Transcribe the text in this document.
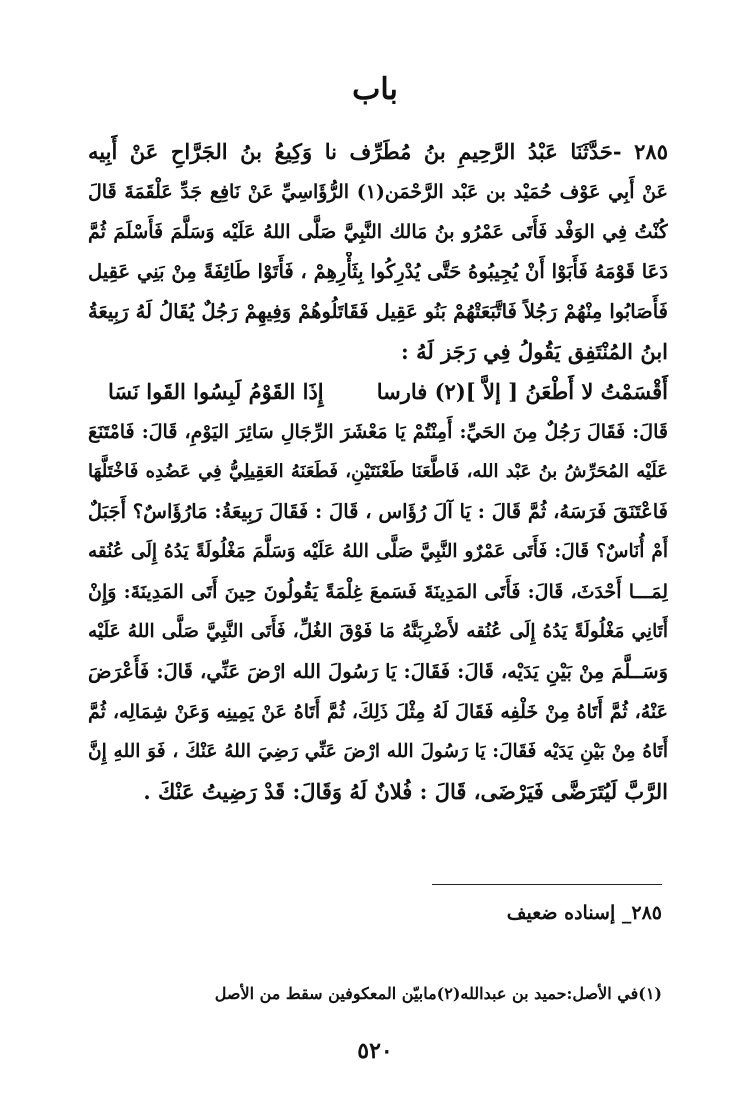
باب
٢٨٥ -حَدَّثَنَا عَبْدُ الرَّحِيمِ بنُ مُطَرِّف نا وَكِيعُ بنُ الجَرَّاحِ عَنْ أَبِيه
عَنْ أَبِي عَوْف حُمَيْد بن عَبْد الرَّحْمَن(١) الرُّؤَاسِيِّ عَنْ نَافِع جَدِّ عَلْقَمَةَ قَالَ
كُنْتُ فِي الوَفْد فَأَتَى عَمْرُو بنُ مَالك النَّبِيَّ صَلَّى اللهُ عَلَيْه وَسَلَّمَ فَأَسْلَمَ ثُمَّ
دَعَا قَوْمَهُ فَأَبَوْا أَنْ يُجِيبُوهُ حَتَّى يُدْرِكُوا بِثَأْرِهِمْ ، فَأَتَوْا طَائِفَةً مِنْ بَنِي عَقِيل
فَأَصَابُوا مِنْهُمْ رَجُلاً فَاتَّبَعَتْهُمْ بَنُو عَقِيل فَقَاتَلُوهُمْ وَفِيهِمْ رَجُلٌ يُقَالُ لَهُ رَبِيعَةُ
ابنُ المُنْتَفِق يَقُولُ فِي رَجَز لَهُ :
أَقْسَمْتُ لا أَطْعَنُ [ إلاَّ ](٢) فارسا
إِذَا القَوْمُ لَبِسُوا القَوا نَسَا
قَالَ: فَقَالَ رَجُلٌ مِنَ الحَيِّ: أَمِنْتُمْ يَا مَعْشَرَ الرِّجَالِ سَائِرَ اليَوْمِ، قَالَ: فَامْتَنَعَ
عَلَيْه المُحَرِّشُ بنُ عَبْد الله، فَاطَّعَنَا طَعْنَتَيْنِ، فَطَعَنَهُ العَقِيلِيُّ فِي عَضُدِه فَاخْتَلَّهَا
فَاعْتَنَقَ فَرَسَهُ، ثُمَّ قَالَ : يَا آلَ رُؤَاس ، قَالَ : فَقَالَ رَبِيعَةُ: مَارُؤَاسٌ؟ أَجَبَلٌ
أَمْ أُنَاسٌ؟ قَالَ: فَأَتَى عَمْرٌو النَّبِيَّ صَلَّى اللهُ عَلَيْه وَسَلَّمَ مَغْلُولَةً يَدُهُ إِلَى عُنُقه
لِمَـــا أَحْدَثَ، قَالَ: فَأَتَى المَدِينَةَ فَسَمعَ غِلْمَةً يَقُولُونَ حِينَ أَتَى المَدِينَةَ: وَإِنْ
أَتَانِي مَغْلُولَةً يَدُهُ إِلَى عُنُقه لأَضْرِبَنَّهُ مَا فَوْقَ الغُلِّ، فَأَتَى النَّبِيَّ صَلَّى اللهُ عَلَيْه
وَسَــلَّمَ مِنْ بَيْنِ يَدَيْه، قَالَ: فَقَالَ: يَا رَسُولَ الله ارْضَ عَنِّي، قَالَ: فَأَعْرَضَ
عَنْهُ، ثُمَّ أَتَاهُ مِنْ خَلْفِه فَقَالَ لَهُ مِثْلَ ذَلِكَ، ثُمَّ أَتَاهُ عَنْ يَمِينِه وَعَنْ شِمَالِه، ثُمَّ
أَتَاهُ مِنْ بَيْنِ يَدَيْه فَقَالَ: يَا رَسُولَ الله ارْضَ عَنِّي رَضِيَ اللهُ عَنْكَ ، فَوَ اللهِ إِنَّ
الرَّبَّ لَيُتَرَضَّى فَيَرْضَى، قَالَ : فُلانٌ لَهُ وَقَالَ: قَدْ رَضِيتُ عَنْكَ .
٢٨٥_ إسناده ضعيف
(١)في الأصل:حميد بن عبدالله(٢)مابيّن المعكوفين سقط من الأصل
٥٢٠
